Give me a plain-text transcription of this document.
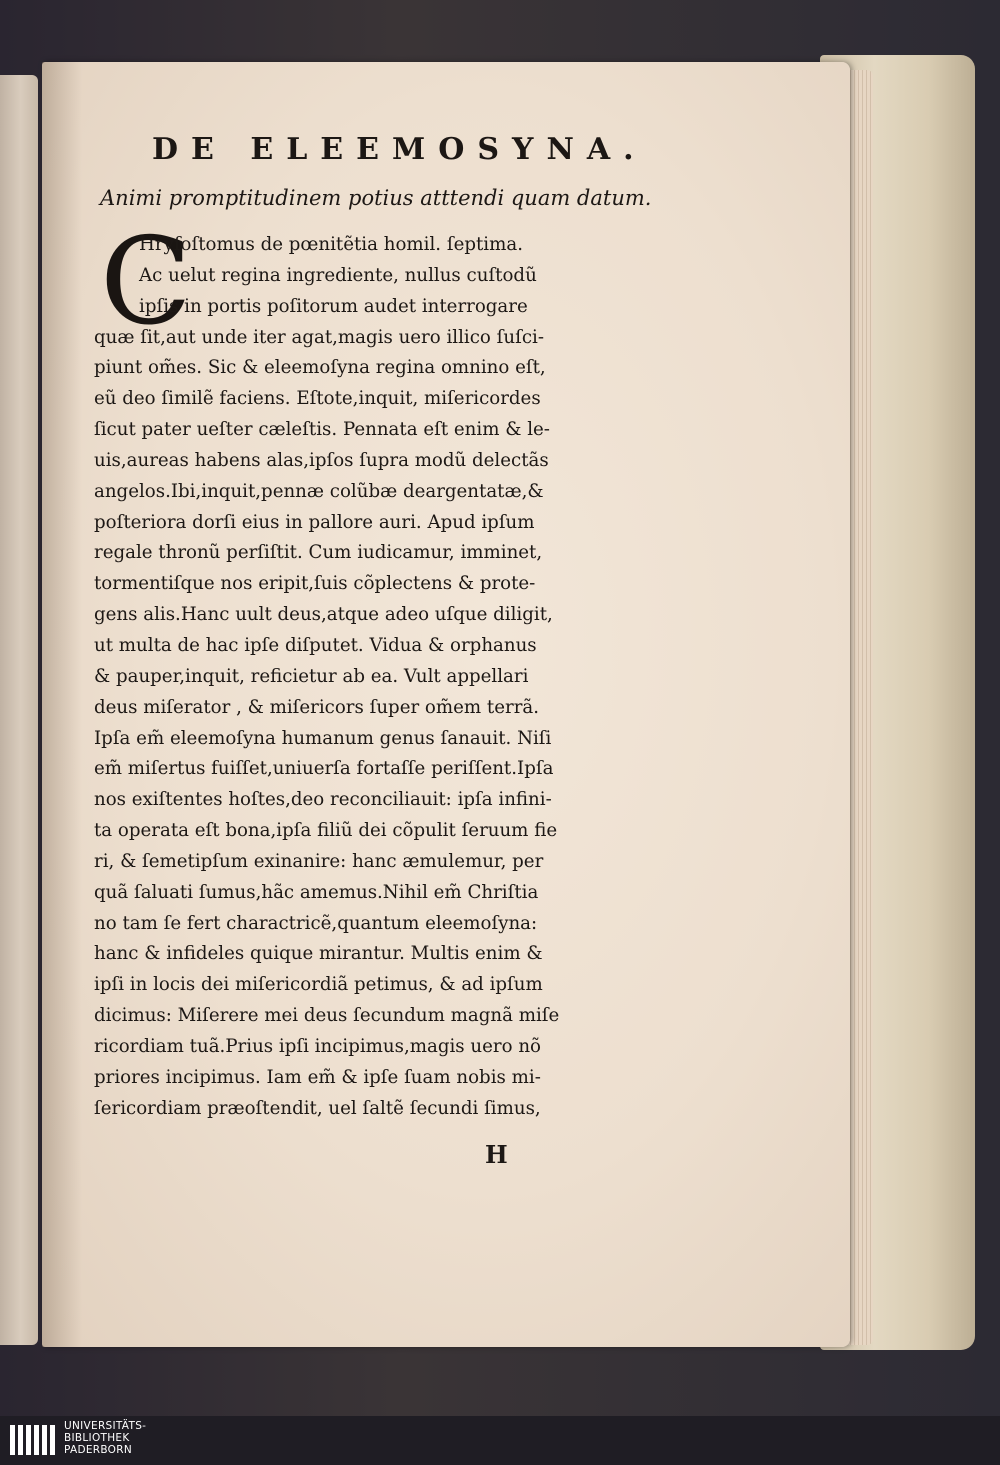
DE ELEEMOSYNA.
Animi promptitudinem potius atttendi quam datum.
C
Hryſoſtomus de pœnitẽtia homil. ſeptima.
Ac uelut regina ingrediente, nullus cuſtodũ
ipſis in portis poſitorum audet interrogare
quæ ſit,aut unde iter agat,magis uero illico ſuſci-
piunt om̃es. Sic & eleemoſyna regina omnino eſt,
eũ deo ſimilẽ faciens. Eſtote,inquit, miſericordes
ſicut pater ueſter cæleſtis. Pennata eſt enim & le-
uis,aureas habens alas,ipſos ſupra modũ delectãs
angelos.Ibi,inquit,pennæ colũbæ deargentatæ,&
poſteriora dorſi eius in pallore auri. Apud ipſum
regale thronũ perſiſtit. Cum iudicamur, imminet,
tormentiſque nos eripit,ſuis cõplectens & prote-
gens alis.Hanc uult deus,atque adeo uſque diligit,
ut multa de hac ipſe diſputet. Vidua & orphanus
& pauper,inquit, reficietur ab ea. Vult appellari
deus miſerator , & miſericors ſuper om̃em terrã.
Ipſa em̃ eleemoſyna humanum genus ſanauit. Niſi
em̃ miſertus fuiſſet,uniuerſa fortaſſe periſſent.Ipſa
nos exiſtentes hoſtes,deo reconciliauit: ipſa infini-
ta operata eſt bona,ipſa filiũ dei cõpulit ſeruum fie
ri, & ſemetipſum exinanire: hanc æmulemur, per
quã ſaluati ſumus,hãc amemus.Nihil em̃ Chriſtia
no tam ſe fert charactricẽ,quantum eleemoſyna:
hanc & infideles quique mirantur. Multis enim &
ipſi in locis dei miſericordiã petimus, & ad ipſum
dicimus: Miſerere mei deus ſecundum magnã miſe
ricordiam tuã.Prius ipſi incipimus,magis uero nõ
priores incipimus. Iam em̃ & ipſe ſuam nobis mi-
ſericordiam præoſtendit, uel ſaltẽ ſecundi ſimus,
H
UNIVERSITÄTS-
BIBLIOTHEK
PADERBORN
